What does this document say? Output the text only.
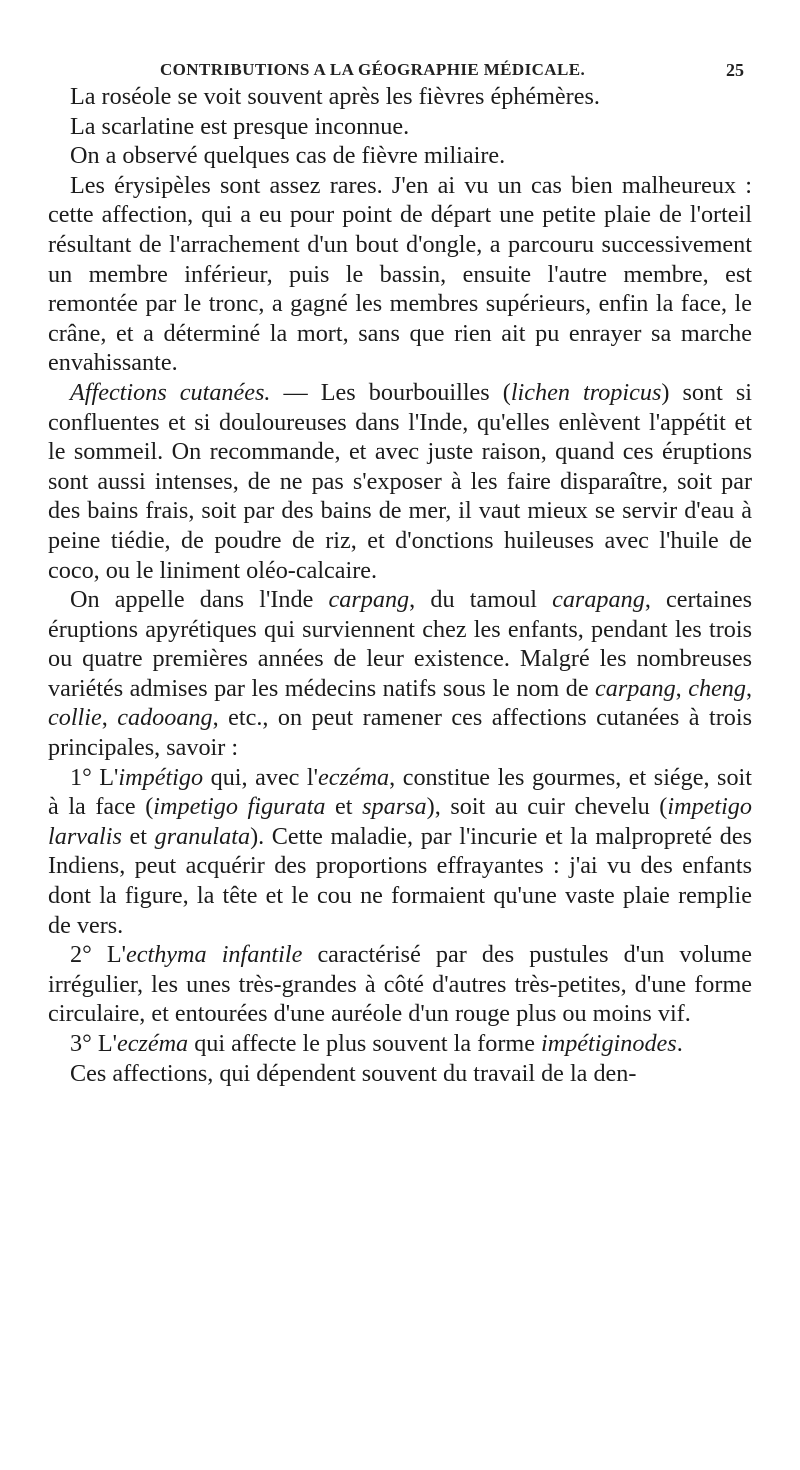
CONTRIBUTIONS A LA GÉOGRAPHIE MÉDICALE.	25

La roséole se voit souvent après les fièvres éphémères.

La scarlatine est presque inconnue.

On a observé quelques cas de fièvre miliaire.

Les érysipèles sont assez rares. J'en ai vu un cas bien malheureux : cette affection, qui a eu pour point de départ une petite plaie de l'orteil résultant de l'arrachement d'un bout d'ongle, a parcouru successivement un membre inférieur, puis le bassin, ensuite l'autre membre, est remontée par le tronc, a gagné les membres supérieurs, enfin la face, le crâne, et a déterminé la mort, sans que rien ait pu enrayer sa marche envahissante.

Affections cutanées. — Les bourbouilles (lichen tropicus) sont si confluentes et si douloureuses dans l'Inde, qu'elles enlèvent l'appétit et le sommeil. On recommande, et avec juste raison, quand ces éruptions sont aussi intenses, de ne pas s'exposer à les faire disparaître, soit par des bains frais, soit par des bains de mer, il vaut mieux se servir d'eau à peine tiédie, de poudre de riz, et d'onctions huileuses avec l'huile de coco, ou le liniment oléo-calcaire.

On appelle dans l'Inde carpang, du tamoul carapang, certaines éruptions apyrétiques qui surviennent chez les enfants, pendant les trois ou quatre premières années de leur existence. Malgré les nombreuses variétés admises par les médecins natifs sous le nom de carpang, cheng, collie, cadooang, etc., on peut ramener ces affections cutanées à trois principales, savoir :

1° L'impétigo qui, avec l'eczéma, constitue les gourmes, et siége, soit à la face (impetigo figurata et sparsa), soit au cuir chevelu (impetigo larvalis et granulata). Cette maladie, par l'incurie et la malpropreté des Indiens, peut acquérir des proportions effrayantes : j'ai vu des enfants dont la figure, la tête et le cou ne formaient qu'une vaste plaie remplie de vers.

2° L'ecthyma infantile caractérisé par des pustules d'un volume irrégulier, les unes très-grandes à côté d'autres très-petites, d'une forme circulaire, et entourées d'une auréole d'un rouge plus ou moins vif.

3° L'eczéma qui affecte le plus souvent la forme impétiginodes.

Ces affections, qui dépendent souvent du travail de la den-
